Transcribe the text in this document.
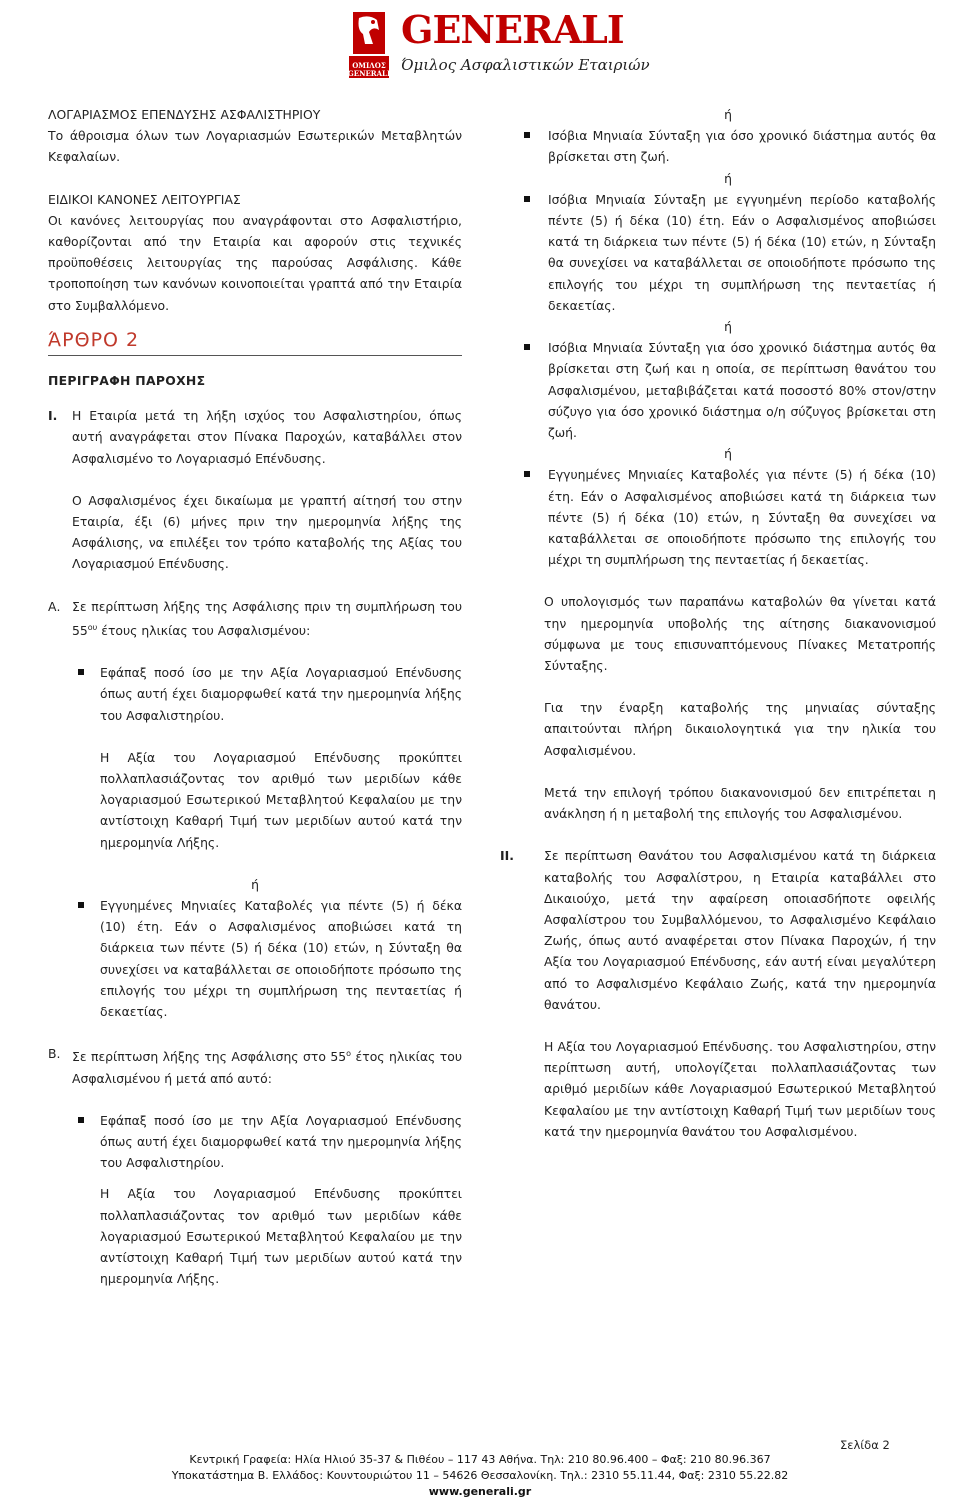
ΟΜΙΛΟΣ GENERALI
GENERALI
Όμιλος Ασφαλιστικών Εταιριών

ΛΟΓΑΡΙΑΣΜΟΣ ΕΠΕΝΔΥΣΗΣ ΑΣΦΑΛΙΣΤΗΡΙΟΥ

Το άθροισμα όλων των Λογαριασμών Εσωτερικών Μεταβλητών Κεφαλαίων.

ΕΙΔΙΚΟΙ ΚΑΝΟΝΕΣ ΛΕΙΤΟΥΡΓΙΑΣ

Οι κανόνες λειτουργίας που αναγράφονται στο Ασφαλιστήριο, καθορίζονται από την Εταιρία και αφορούν στις τεχνικές προϋποθέσεις λειτουργίας της παρούσας Ασφάλισης. Κάθε τροποποίηση των κανόνων κοινοποιείται γραπτά από την Εταιρία στο Συμβαλλόμενο.

ΆΡΘΡΟ 2
ΠΕΡΙΓΡΑΦΗ ΠΑΡΟΧΗΣ
I. Η Εταιρία μετά τη λήξη ισχύος του Ασφαλιστηρίου, όπως αυτή αναγράφεται στον Πίνακα Παροχών, καταβάλλει στον Ασφαλισμένο το Λογαριασμό Επένδυσης.

Ο Ασφαλισμένος έχει δικαίωμα με γραπτή αίτησή του στην Εταιρία, έξι (6) μήνες πριν την ημερομηνία λήξης της Ασφάλισης, να επιλέξει τον τρόπο καταβολής της Αξίας του Λογαριασμού Επένδυσης.

Α. Σε περίπτωση λήξης της Ασφάλισης πριν τη συμπλήρωση του $55^{o\upsilon}$ έτους ηλικίας του Ασφαλισμένου:

Εφάπαξ ποσό ίσο με την Αξία Λογαριασμού Επένδυσης όπως αυτή έχει διαμορφωθεί κατά την ημερομηνία λήξης του Ασφαλιστηρίου.

Η Αξία του Λογαριασμού Επένδυσης προκύπτει πολλαπλασιάζοντας τον αριθμό των μεριδίων κάθε λογαριασμού Εσωτερικού Μεταβλητού Κεφαλαίου με την αντίστοιχη Καθαρή Τιμή των μεριδίων αυτού κατά την ημερομηνία Λήξης.

ή

Εγγυημένες Μηνιαίες Καταβολές για πέντε (5) ή δέκα (10) έτη. Εάν ο Ασφαλισμένος αποβιώσει κατά τη διάρκεια των πέντε (5) ή δέκα (10) ετών, η Σύνταξη θα συνεχίσει να καταβάλλεται σε οποιοδήποτε πρόσωπο της επιλογής του μέχρι τη συμπλήρωση της πενταετίας ή δεκαετίας.

Β. Σε περίπτωση λήξης της Ασφάλισης στο $55^o$ έτος ηλικίας του Ασφαλισμένου ή μετά από αυτό:

Εφάπαξ ποσό ίσο με την Αξία Λογαριασμού Επένδυσης όπως αυτή έχει διαμορφωθεί κατά την ημερομηνία λήξης του Ασφαλιστηρίου.

Η Αξία του Λογαριασμού Επένδυσης προκύπτει πολλαπλασιάζοντας τον αριθμό των μεριδίων κάθε λογαριασμού Εσωτερικού Μεταβλητού Κεφαλαίου με την αντίστοιχη Καθαρή Τιμή των μεριδίων αυτού κατά την ημερομηνία Λήξης.

ή

Ισόβια Μηνιαία Σύνταξη για όσο χρονικό διάστημα αυτός θα βρίσκεται στη ζωή.

ή

Ισόβια Μηνιαία Σύνταξη με εγγυημένη περίοδο καταβολής πέντε (5) ή δέκα (10) έτη. Εάν ο Ασφαλισμένος αποβιώσει κατά τη διάρκεια των πέντε (5) ή δέκα (10) ετών, η Σύνταξη θα συνεχίσει να καταβάλλεται σε οποιοδήποτε πρόσωπο της επιλογής του μέχρι τη συμπλήρωση της πενταετίας ή δεκαετίας.

ή

Ισόβια Μηνιαία Σύνταξη για όσο χρονικό διάστημα αυτός θα βρίσκεται στη ζωή και η οποία, σε περίπτωση θανάτου του Ασφαλισμένου, μεταβιβάζεται κατά ποσοστό 80% στον/στην σύζυγο για όσο χρονικό διάστημα ο/η σύζυγος βρίσκεται στη ζωή.

ή

Εγγυημένες Μηνιαίες Καταβολές για πέντε (5) ή δέκα (10) έτη. Εάν ο Ασφαλισμένος αποβιώσει κατά τη διάρκεια των πέντε (5) ή δέκα (10) ετών, η Σύνταξη θα συνεχίσει να καταβάλλεται σε οποιοδήποτε πρόσωπο της επιλογής του μέχρι τη συμπλήρωση της πενταετίας ή δεκαετίας.

Ο υπολογισμός των παραπάνω καταβολών θα γίνεται κατά την ημερομηνία υποβολής της αίτησης διακανονισμού σύμφωνα με τους επισυναπτόμενους Πίνακες Μετατροπής Σύνταξης.

Για την έναρξη καταβολής της μηνιαίας σύνταξης απαιτούνται πλήρη δικαιολογητικά για την ηλικία του Ασφαλισμένου.

Μετά την επιλογή τρόπου διακανονισμού δεν επιτρέπεται η ανάκληση ή η μεταβολή της επιλογής του Ασφαλισμένου.

II. Σε περίπτωση Θανάτου του Ασφαλισμένου κατά τη διάρκεια καταβολής του Ασφαλίστρου, η Εταιρία καταβάλλει στο Δικαιούχο, μετά την αφαίρεση οποιασδήποτε οφειλής Ασφαλίστρου του Συμβαλλόμενου, το Ασφαλισμένο Κεφάλαιο Ζωής, όπως αυτό αναφέρεται στον Πίνακα Παροχών, ή την Αξία του Λογαριασμού Επένδυσης, εάν αυτή είναι μεγαλύτερη από το Ασφαλισμένο Κεφάλαιο Ζωής, κατά την ημερομηνία θανάτου.

Η Αξία του Λογαριασμού Επένδυσης. του Ασφαλιστηρίου, στην περίπτωση αυτή, υπολογίζεται πολλαπλασιάζοντας των αριθμό μεριδίων κάθε Λογαριασμού Εσωτερικού Μεταβλητού Κεφαλαίου με την αντίστοιχη Καθαρή Τιμή των μεριδίων τους κατά την ημερομηνία θανάτου του Ασφαλισμένου.

Σελίδα 2
Κεντρική Γραφεία: Ηλία Ηλιού 35-37 & Πιθέου – 117 43 Αθήνα. Τηλ: 210 80.96.400 – Φαξ: 210 80.96.367
Υποκατάστημα Β. Ελλάδος: Κουντουριώτου 11 – 54626 Θεσσαλονίκη. Τηλ.: 2310 55.11.44, Φαξ: 2310 55.22.82
www.generali.gr
